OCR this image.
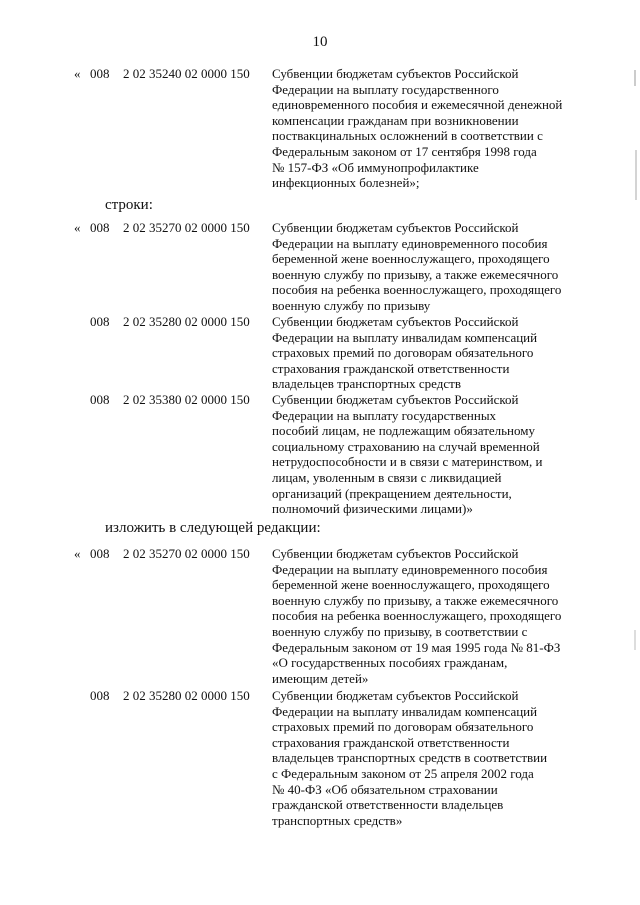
10
« 008 2 02 35240 02 0000 150 Субвенции бюджетам субъектов Российской
Федерации на выплату государственного
единовременного пособия и ежемесячной денежной
компенсации гражданам при возникновении
поствакцинальных осложнений в соответствии с
Федеральным законом от 17 сентября 1998 года
№ 157-ФЗ «Об иммунопрофилактике
инфекционных болезней»;
строки:
« 008 2 02 35270 02 0000 150 Субвенции бюджетам субъектов Российской
Федерации на выплату единовременного пособия
беременной жене военнослужащего, проходящего
военную службу по призыву, а также ежемесячного
пособия на ребенка военнослужащего, проходящего
военную службу по призыву
008 2 02 35280 02 0000 150 Субвенции бюджетам субъектов Российской
Федерации на выплату инвалидам компенсаций
страховых премий по договорам обязательного
страхования гражданской ответственности
владельцев транспортных средств
008 2 02 35380 02 0000 150 Субвенции бюджетам субъектов Российской
Федерации на выплату государственных
пособий лицам, не подлежащим обязательному
социальному страхованию на случай временной
нетрудоспособности и в связи с материнством, и
лицам, уволенным в связи с ликвидацией
организаций (прекращением деятельности,
полномочий физическими лицами)»
изложить в следующей редакции:
« 008 2 02 35270 02 0000 150 Субвенции бюджетам субъектов Российской
Федерации на выплату единовременного пособия
беременной жене военнослужащего, проходящего
военную службу по призыву, а также ежемесячного
пособия на ребенка военнослужащего, проходящего
военную службу по призыву, в соответствии с
Федеральным законом от 19 мая 1995 года № 81-ФЗ
«О государственных пособиях гражданам,
имеющим детей»
008 2 02 35280 02 0000 150 Субвенции бюджетам субъектов Российской
Федерации на выплату инвалидам компенсаций
страховых премий по договорам обязательного
страхования гражданской ответственности
владельцев транспортных средств в соответствии
с Федеральным законом от 25 апреля 2002 года
№ 40-ФЗ «Об обязательном страховании
гражданской ответственности владельцев
транспортных средств»
